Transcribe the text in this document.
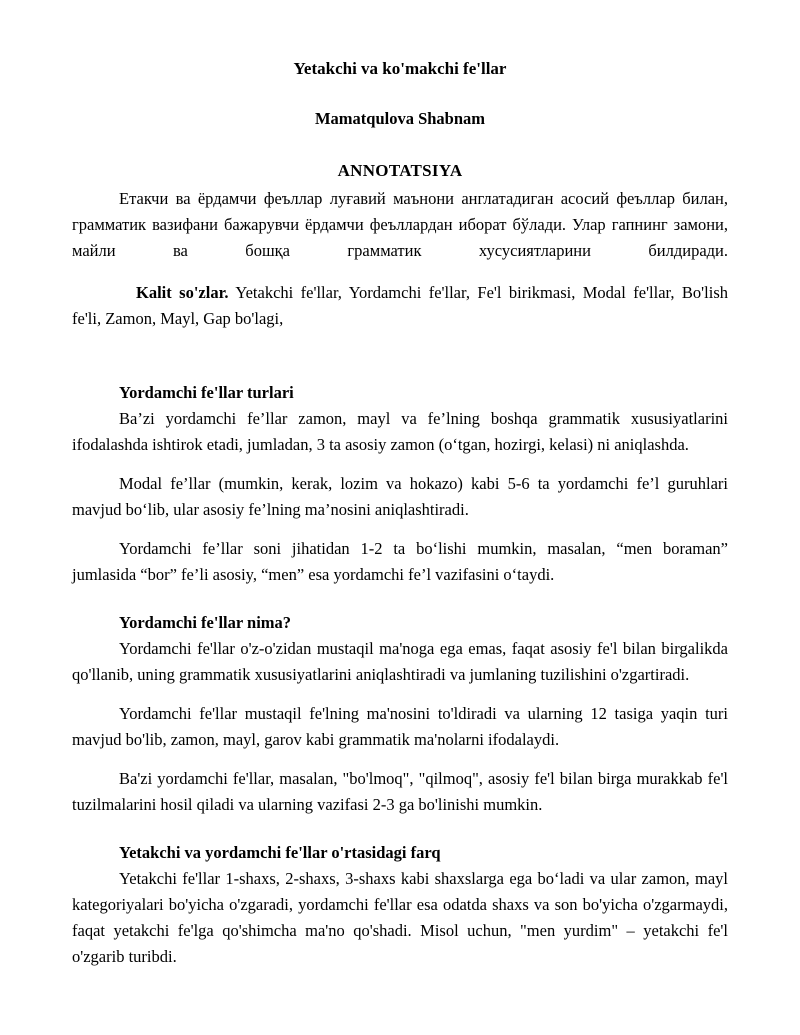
Yetakchi va ko'makchi fe'llar

Mamatqulova Shabnam

ANNOTATSIYA

Етакчи ва ёрдамчи феъллар луғавий маънони англатадиган асосий феъллар билан, грамматик вазифани бажарувчи ёрдамчи феъллардан иборат бўлади. Улар гапнинг замони, майли ва бошқа грамматик хусусиятларини билдиради.

Kalit so'zlar. Yetakchi fe'llar, Yordamchi fe'llar, Fe'l birikmasi, Modal fe'llar, Bo'lish fe'li, Zamon, Mayl, Gap bo'lagi,

Yordamchi fe'llar turlari

Ba’zi yordamchi fe’llar zamon, mayl va fe’lning boshqa grammatik xususiyatlarini ifodalashda ishtirok etadi, jumladan, 3 ta asosiy zamon (o‘tgan, hozirgi, kelasi) ni aniqlashda.

Modal fe’llar (mumkin, kerak, lozim va hokazo) kabi 5-6 ta yordamchi fe’l guruhlari mavjud bo‘lib, ular asosiy fe’lning ma’nosini aniqlashtiradi.

Yordamchi fe’llar soni jihatidan 1-2 ta bo‘lishi mumkin, masalan, “men boraman” jumlasida “bor” fe’li asosiy, “men” esa yordamchi fe’l vazifasini o‘taydi.

Yordamchi fe'llar nima?

Yordamchi fe'llar o'z-o'zidan mustaqil ma'noga ega emas, faqat asosiy fe'l bilan birgalikda qo'llanib, uning grammatik xususiyatlarini aniqlashtiradi va jumlaning tuzilishini o'zgartiradi.

Yordamchi fe'llar mustaqil fe'lning ma'nosini to'ldiradi va ularning 12 tasiga yaqin turi mavjud bo'lib, zamon, mayl, garov kabi grammatik ma'nolarni ifodalaydi.

Ba'zi yordamchi fe'llar, masalan, "bo'lmoq", "qilmoq", asosiy fe'l bilan birga murakkab fe'l tuzilmalarini hosil qiladi va ularning vazifasi 2-3 ga bo'linishi mumkin.

Yetakchi va yordamchi fe'llar o'rtasidagi farq

Yetakchi fe'llar 1-shaxs, 2-shaxs, 3-shaxs kabi shaxslarga ega bo‘ladi va ular zamon, mayl kategoriyalari bo'yicha o'zgaradi, yordamchi fe'llar esa odatda shaxs va son bo'yicha o'zgarmaydi, faqat yetakchi fe'lga qo'shimcha ma'no qo'shadi. Misol uchun, "men yurdim" – yetakchi fe'l o'zgarib turibdi.
